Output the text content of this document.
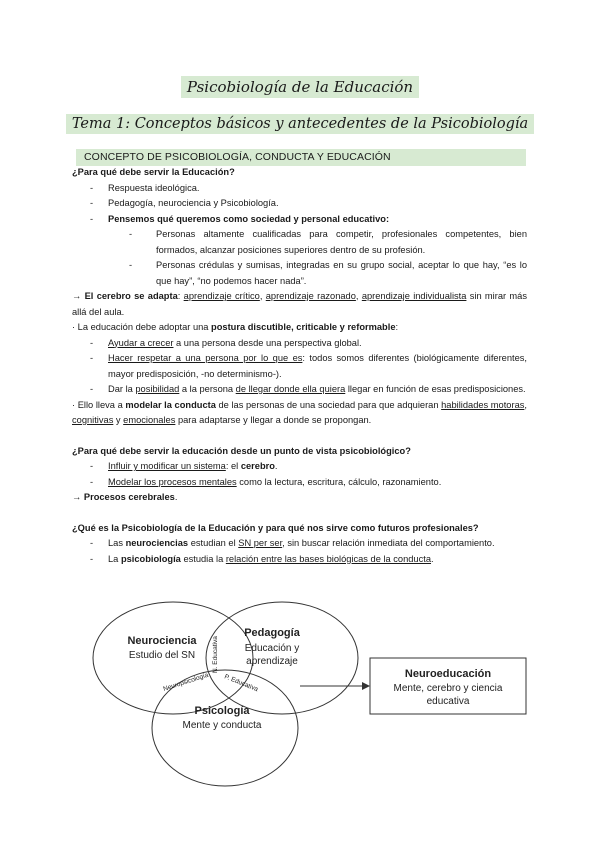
Psicobiología de la Educación
Tema 1: Conceptos básicos y antecedentes de la Psicobiología
CONCEPTO DE PSICOBIOLOGÍA, CONDUCTA Y EDUCACIÓN

¿Para qué debe servir la Educación?

- Respuesta ideológica.

- Pedagogía, neurociencia y Psicobiología.

- Pensemos qué queremos como sociedad y personal educativo:

- Personas altamente cualificadas para competir, profesionales competentes, bien formados, alcanzar posiciones superiores dentro de su profesión.

- Personas crédulas y sumisas, integradas en su grupo social, aceptar lo que hay, “es lo que hay”, “no podemos hacer nada”.

→ El cerebro se adapta: aprendizaje crítico, aprendizaje razonado, aprendizaje individualista sin mirar más allá del aula.

· La educación debe adoptar una postura discutible, criticable y reformable:

- Ayudar a crecer a una persona desde una perspectiva global.

- Hacer respetar a una persona por lo que es: todos somos diferentes (biológicamente diferentes, mayor predisposición, -no determinismo-).

- Dar la posibilidad a la persona de llegar donde ella quiera llegar en función de esas predisposiciones.

· Ello lleva a modelar la conducta de las personas de una sociedad para que adquieran habilidades motoras, cognitivas y emocionales para adaptarse y llegar a donde se propongan.

¿Para qué debe servir la educación desde un punto de vista psicobiológico?

- Influir y modificar un sistema: el cerebro.

- Modelar los procesos mentales como la lectura, escritura, cálculo, razonamiento.

→ Procesos cerebrales.

¿Qué es la Psicobiología de la Educación y para qué nos sirve como futuros profesionales?

- Las neurociencias estudian el SN per ser, sin buscar relación inmediata del comportamiento.

- La psicobiología estudia la relación entre las bases biológicas de la conducta.

Neurociencia
Estudio del SN
Pedagogía
Educación y
aprendizaje
Psicología
Mente y conducta
N. Educativa
Neuropsicología P. Educativa	Neuroeducación
Mente, cerebro y ciencia
educativa
